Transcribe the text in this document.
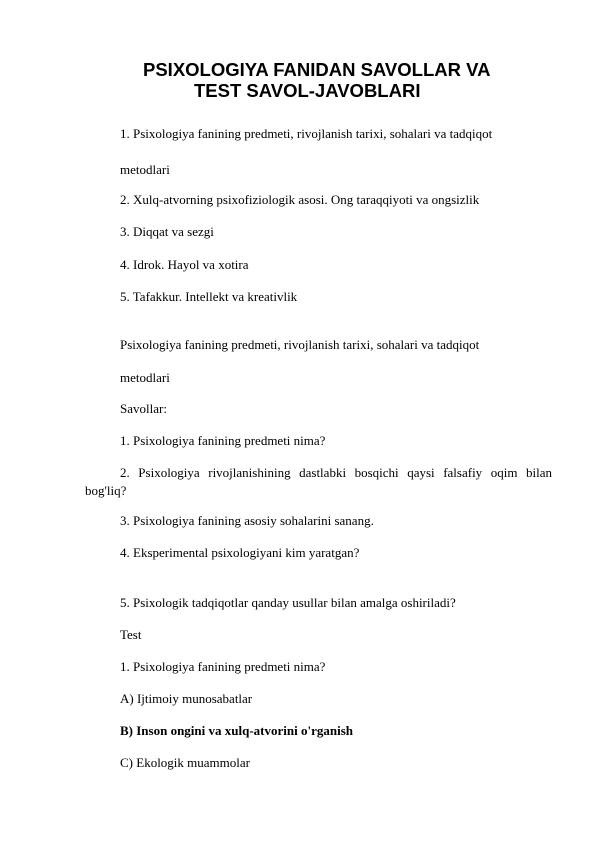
PSIXOLOGIYA FANIDAN SAVOLLAR VA
TEST SAVOL-JAVOBLARI
1. Psixologiya fanining predmeti, rivojlanish tarixi, sohalari va tadqiqot
metodlari
2. Xulq-atvorning psixofiziologik asosi. Ong taraqqiyoti va ongsizlik
3. Diqqat va sezgi
4. Idrok. Hayol va xotira
5. Tafakkur. Intellekt va kreativlik
Psixologiya fanining predmeti, rivojlanish tarixi, sohalari va tadqiqot
metodlari
Savollar:
1. Psixologiya fanining predmeti nima?
2. Psixologiya rivojlanishining dastlabki bosqichi qaysi falsafiy oqim bilan
bog'liq?
3. Psixologiya fanining asosiy sohalarini sanang.
4. Eksperimental psixologiyani kim yaratgan?
5. Psixologik tadqiqotlar qanday usullar bilan amalga oshiriladi?
Test
1. Psixologiya fanining predmeti nima?
A) Ijtimoiy munosabatlar
B) Inson ongini va xulq-atvorini o'rganish
C) Ekologik muammolar
